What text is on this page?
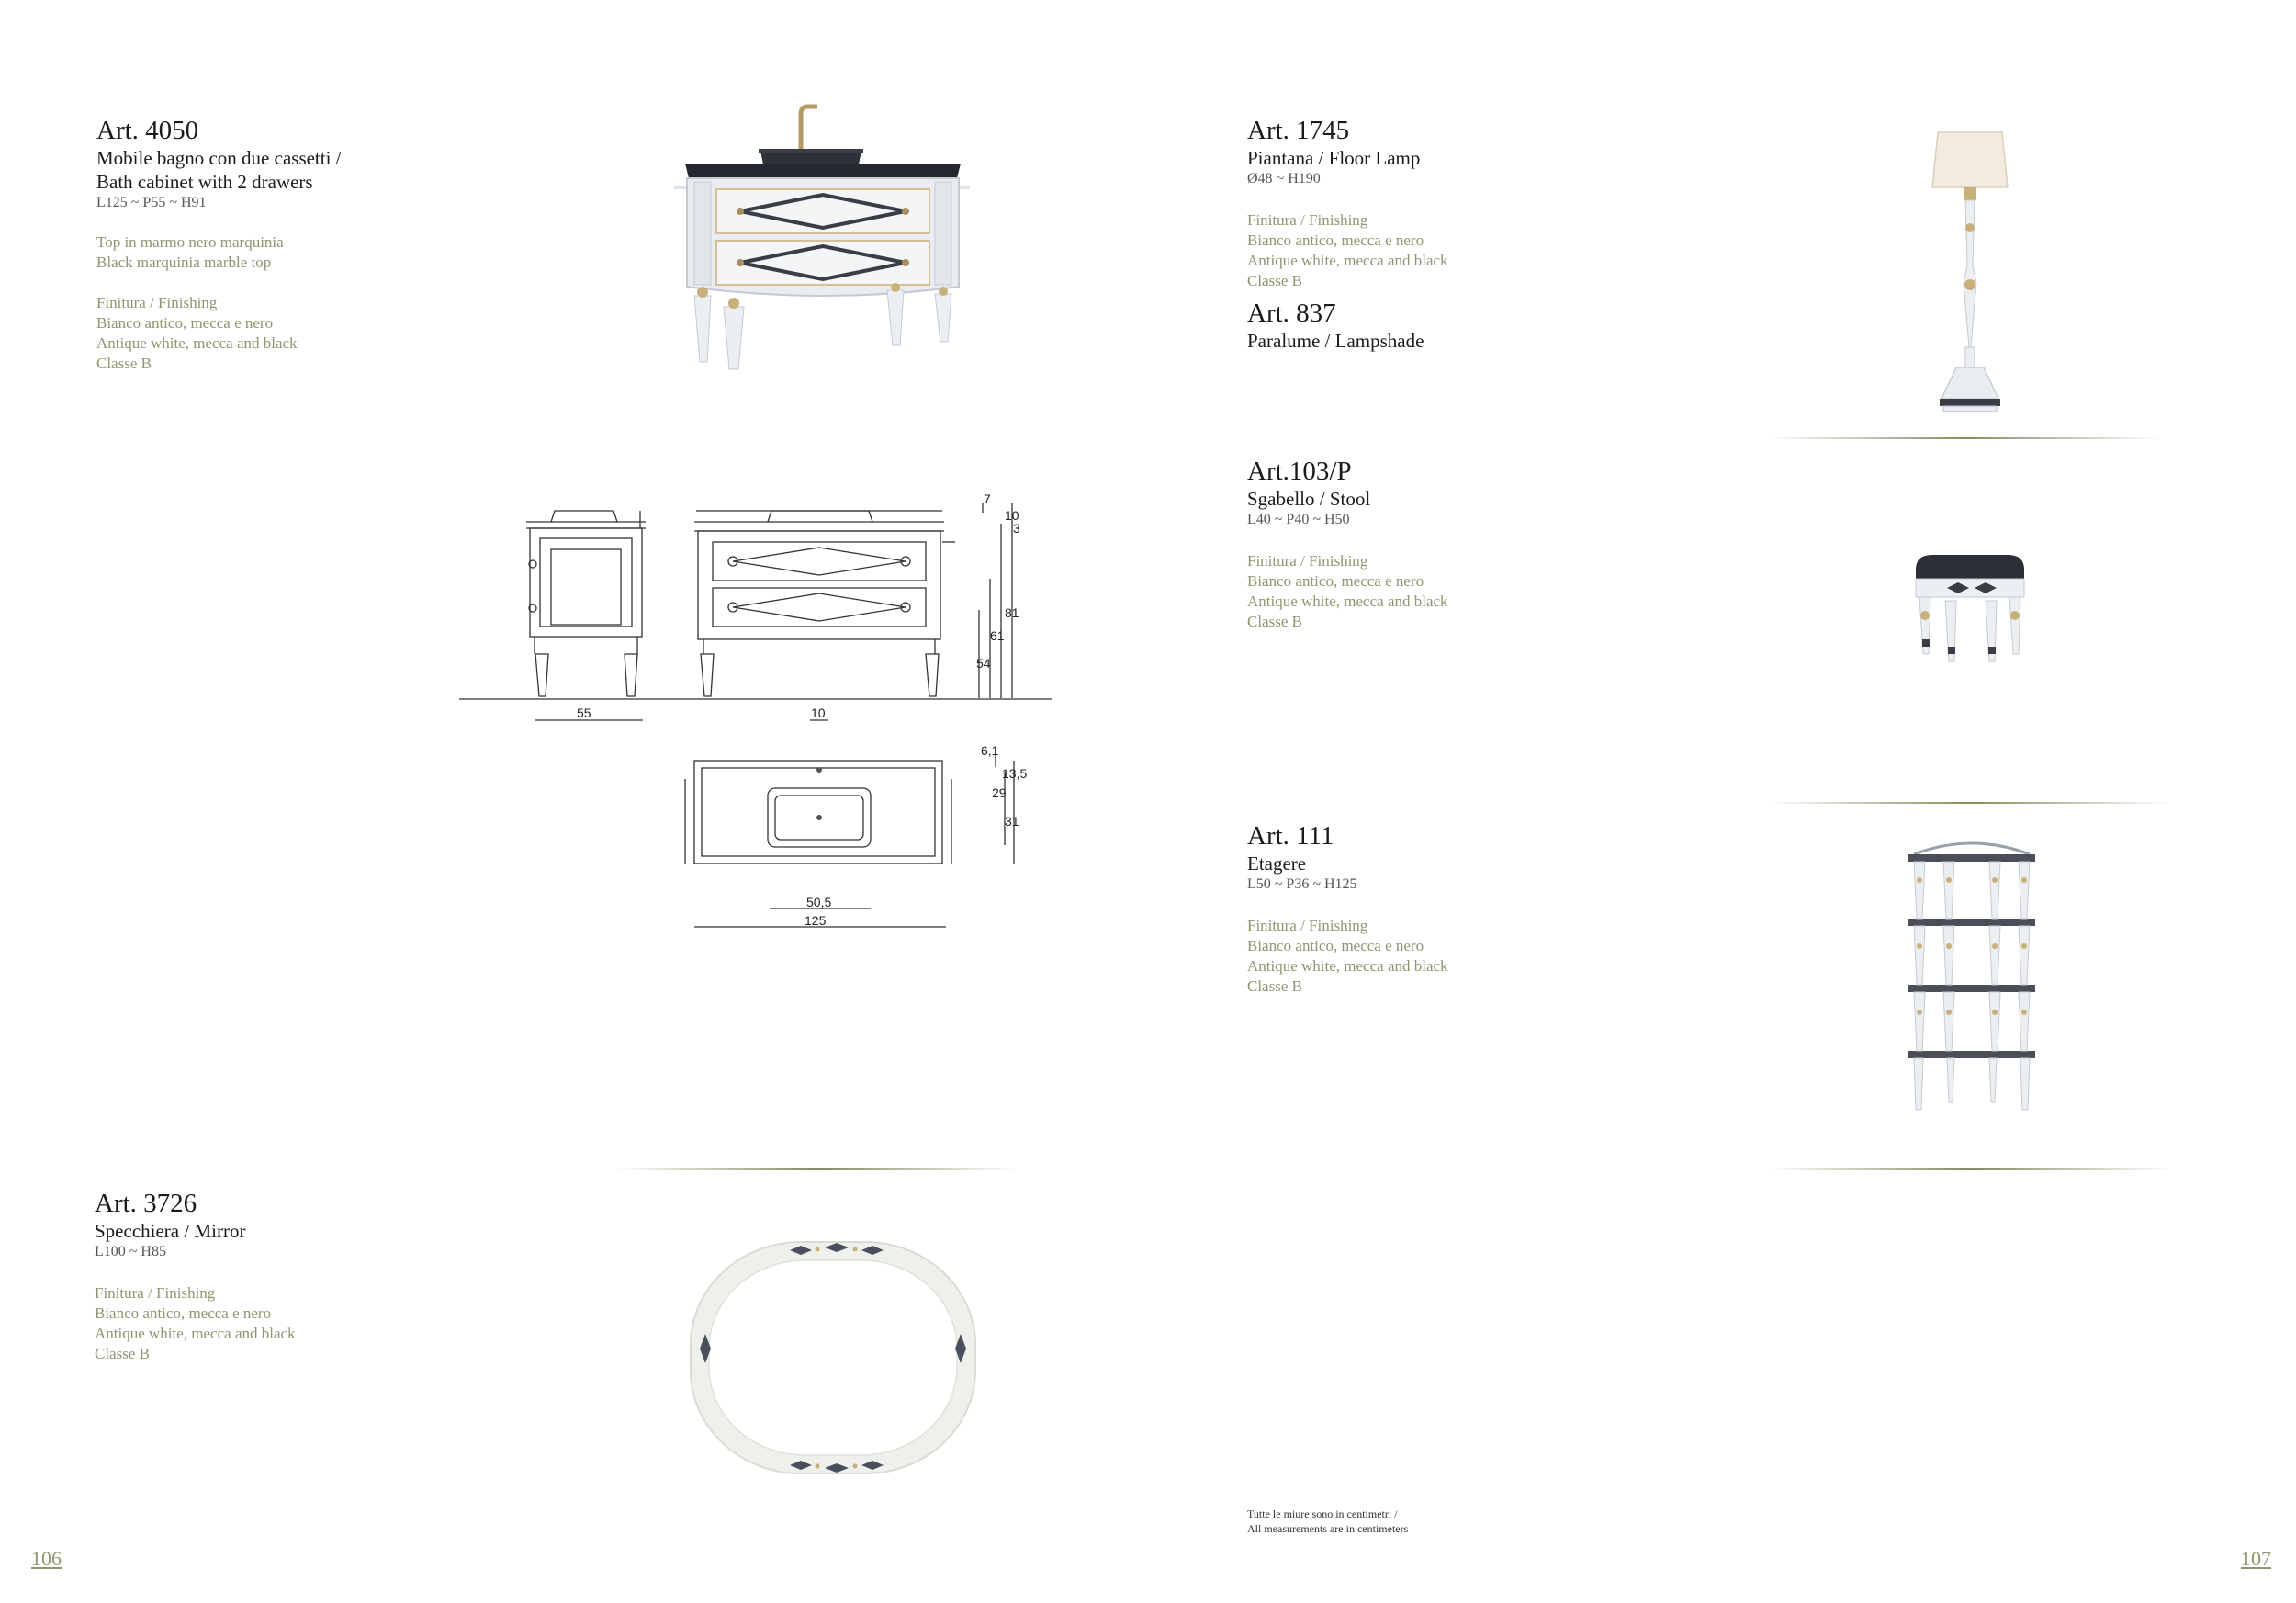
Art. 4050
Mobile bagno con due cassetti /
Bath cabinet with 2 drawers
L125 ~ P55 ~ H91
Top in marmo nero marquinia
Black marquinia marble top
Finitura / Finishing
Bianco antico, mecca e nero
Antique white, mecca and black
Classe B
55	10
7
10
3
81
61
54
6,1
13,5
29
31
50,5
125
Art. 3726
Specchiera / Mirror
L100 ~ H85
Finitura / Finishing
Bianco antico, mecca e nero
Antique white, mecca and black
Classe B
106
Art. 1745
Piantana / Floor Lamp
Ø48 ~ H190
Finitura / Finishing
Bianco antico, mecca e nero
Antique white, mecca and black
Classe B
Art. 837
Paralume / Lampshade
Art.103/P
Sgabello / Stool
L40 ~ P40 ~ H50
Finitura / Finishing
Bianco antico, mecca e nero
Antique white, mecca and black
Classe B
Art. 111
Etagere
L50 ~ P36 ~ H125
Finitura / Finishing
Bianco antico, mecca e nero
Antique white, mecca and black
Classe B
Tutte le miure sono in centimetri /
All measurements are in centimeters
107
